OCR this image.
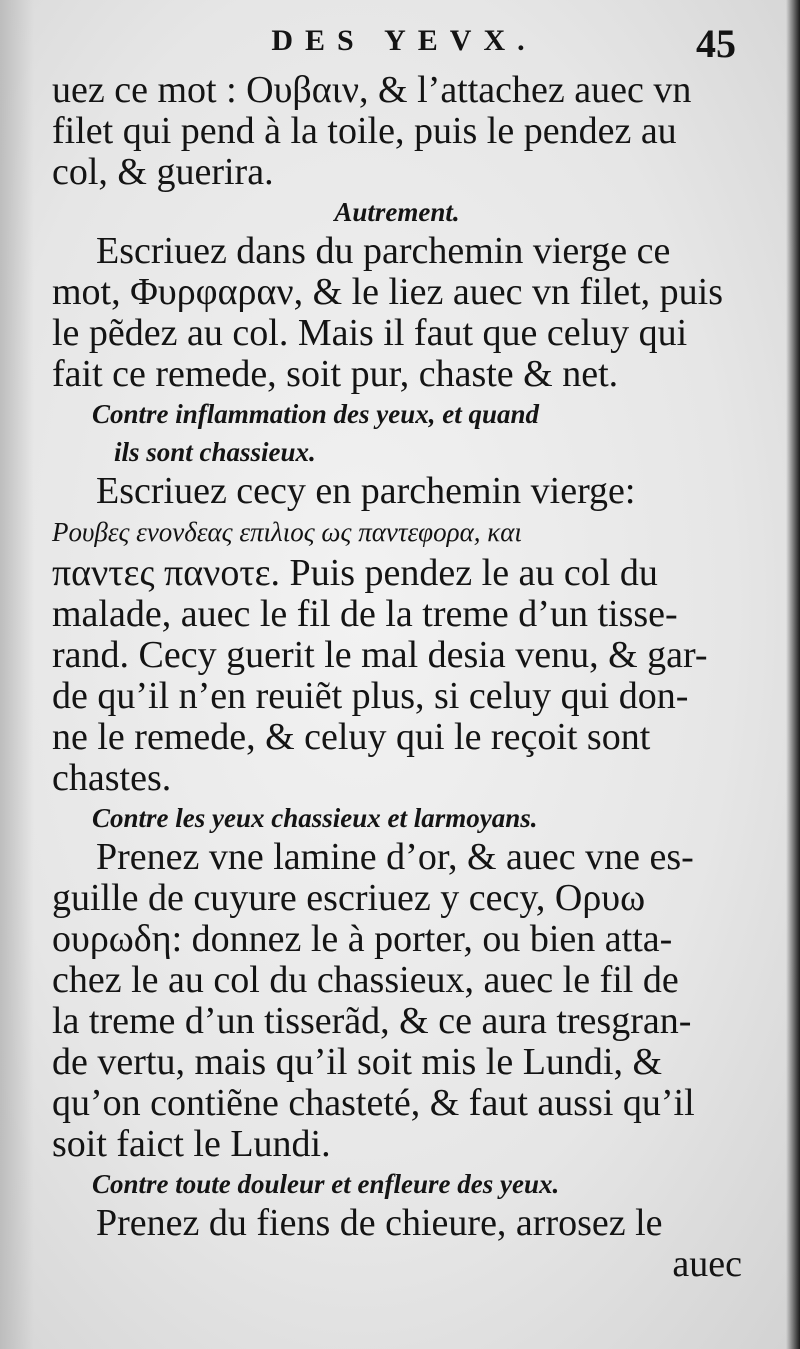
DES YEVX.	45
uez ce mot : Ουβαιν, & l’attachez auec vn
filet qui pend à la toile, puis le pendez au
col, & guerira.
Autrement.
Escriuez dans du parchemin vierge ce
mot, Φυρφαραν, & le liez auec vn filet, puis
le pẽdez au col. Mais il faut que celuy qui
fait ce remede, soit pur, chaste & net.
Contre inflammation des yeux, et quand
ils sont chassieux.
Escriuez cecy en parchemin vierge:
Ρουβες ενονδεας επιλιος ως παντεφορα, και
παντες πανοτε. Puis pendez le au col du
malade, auec le fil de la treme d’un tisse-
rand. Cecy guerit le mal desia venu, & gar-
de qu’il n’en reuiẽt plus, si celuy qui don-
ne le remede, & celuy qui le reçoit sont
chastes.
Contre les yeux chassieux et larmoyans.
Prenez vne lamine d’or, & auec vne es-
guille de cuyure escriuez y cecy, Ορυω
ουρωδη: donnez le à porter, ou bien atta-
chez le au col du chassieux, auec le fil de
la treme d’un tisserãd, & ce aura tresgran-
de vertu, mais qu’il soit mis le Lundi, &
qu’on contiẽne chasteté, & faut aussi qu’il
soit faict le Lundi.
Contre toute douleur et enfleure des yeux.
Prenez du fiens de chieure, arrosez le
auec
